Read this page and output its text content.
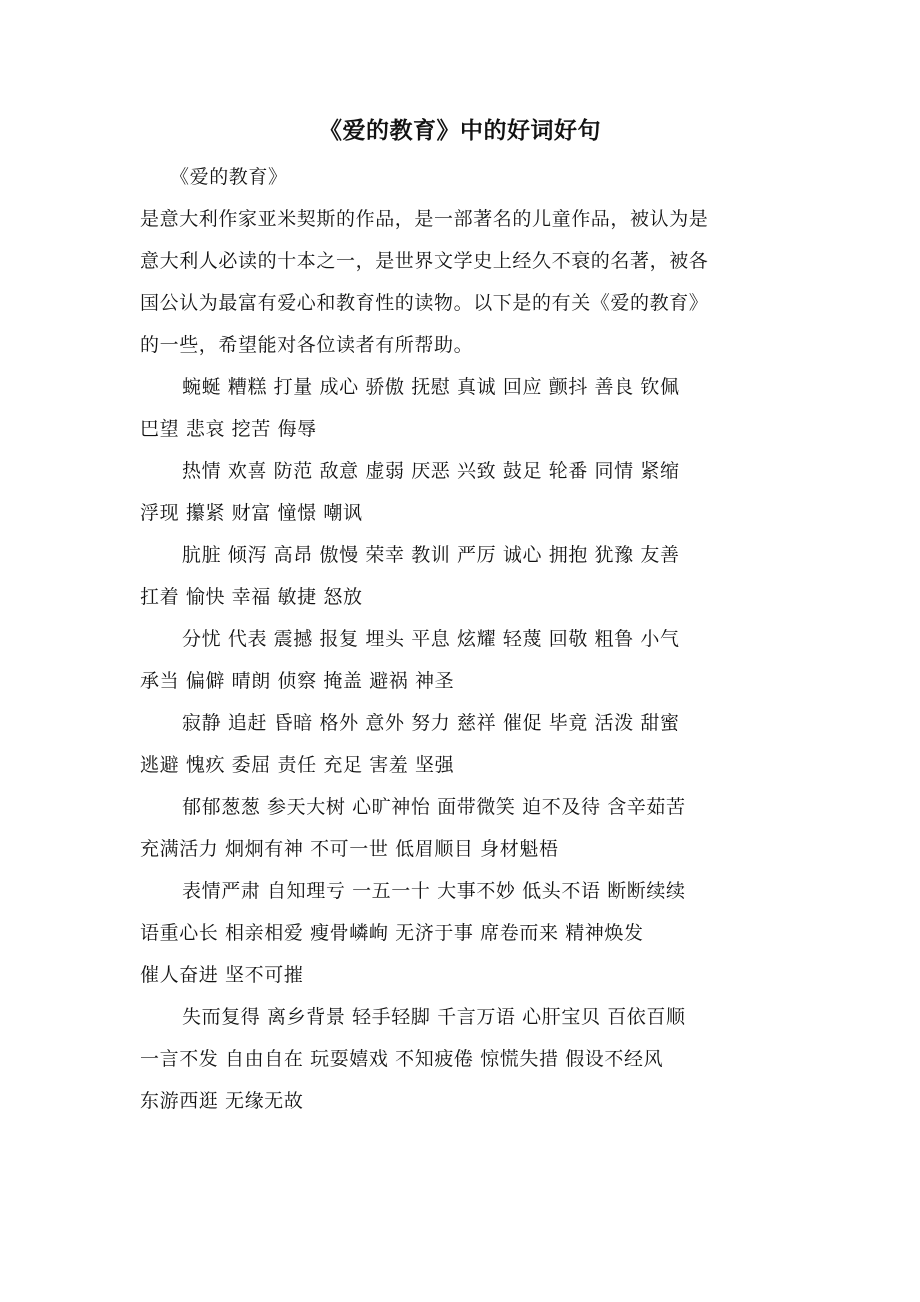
《爱的教育》中的好词好句
《爱的教育》
是意大利作家亚米契斯的作品，是一部著名的儿童作品，被认为是
意大利人必读的十本之一，是世界文学史上经久不衰的名著，被各
国公认为最富有爱心和教育性的读物。以下是的有关《爱的教育》
的一些，希望能对各位读者有所帮助。
蜿蜒 糟糕 打量 成心 骄傲 抚慰 真诚 回应 颤抖 善良 钦佩
巴望 悲哀 挖苦 侮辱
热情 欢喜 防范 敌意 虚弱 厌恶 兴致 鼓足 轮番 同情 紧缩
浮现 攥紧 财富 憧憬 嘲讽
肮脏 倾泻 高昂 傲慢 荣幸 教训 严厉 诚心 拥抱 犹豫 友善
扛着 愉快 幸福 敏捷 怒放
分忧 代表 震撼 报复 埋头 平息 炫耀 轻蔑 回敬 粗鲁 小气
承当 偏僻 晴朗 侦察 掩盖 避祸 神圣
寂静 追赶 昏暗 格外 意外 努力 慈祥 催促 毕竟 活泼 甜蜜
逃避 愧疚 委屈 责任 充足 害羞 坚强
郁郁葱葱 参天大树 心旷神怡 面带微笑 迫不及待 含辛茹苦
充满活力 炯炯有神 不可一世 低眉顺目 身材魁梧
表情严肃 自知理亏 一五一十 大事不妙 低头不语 断断续续
语重心长 相亲相爱 瘦骨嶙峋 无济于事 席卷而来 精神焕发
催人奋进 坚不可摧
失而复得 离乡背景 轻手轻脚 千言万语 心肝宝贝 百依百顺
一言不发 自由自在 玩耍嬉戏 不知疲倦 惊慌失措 假设不经风
东游西逛 无缘无故
